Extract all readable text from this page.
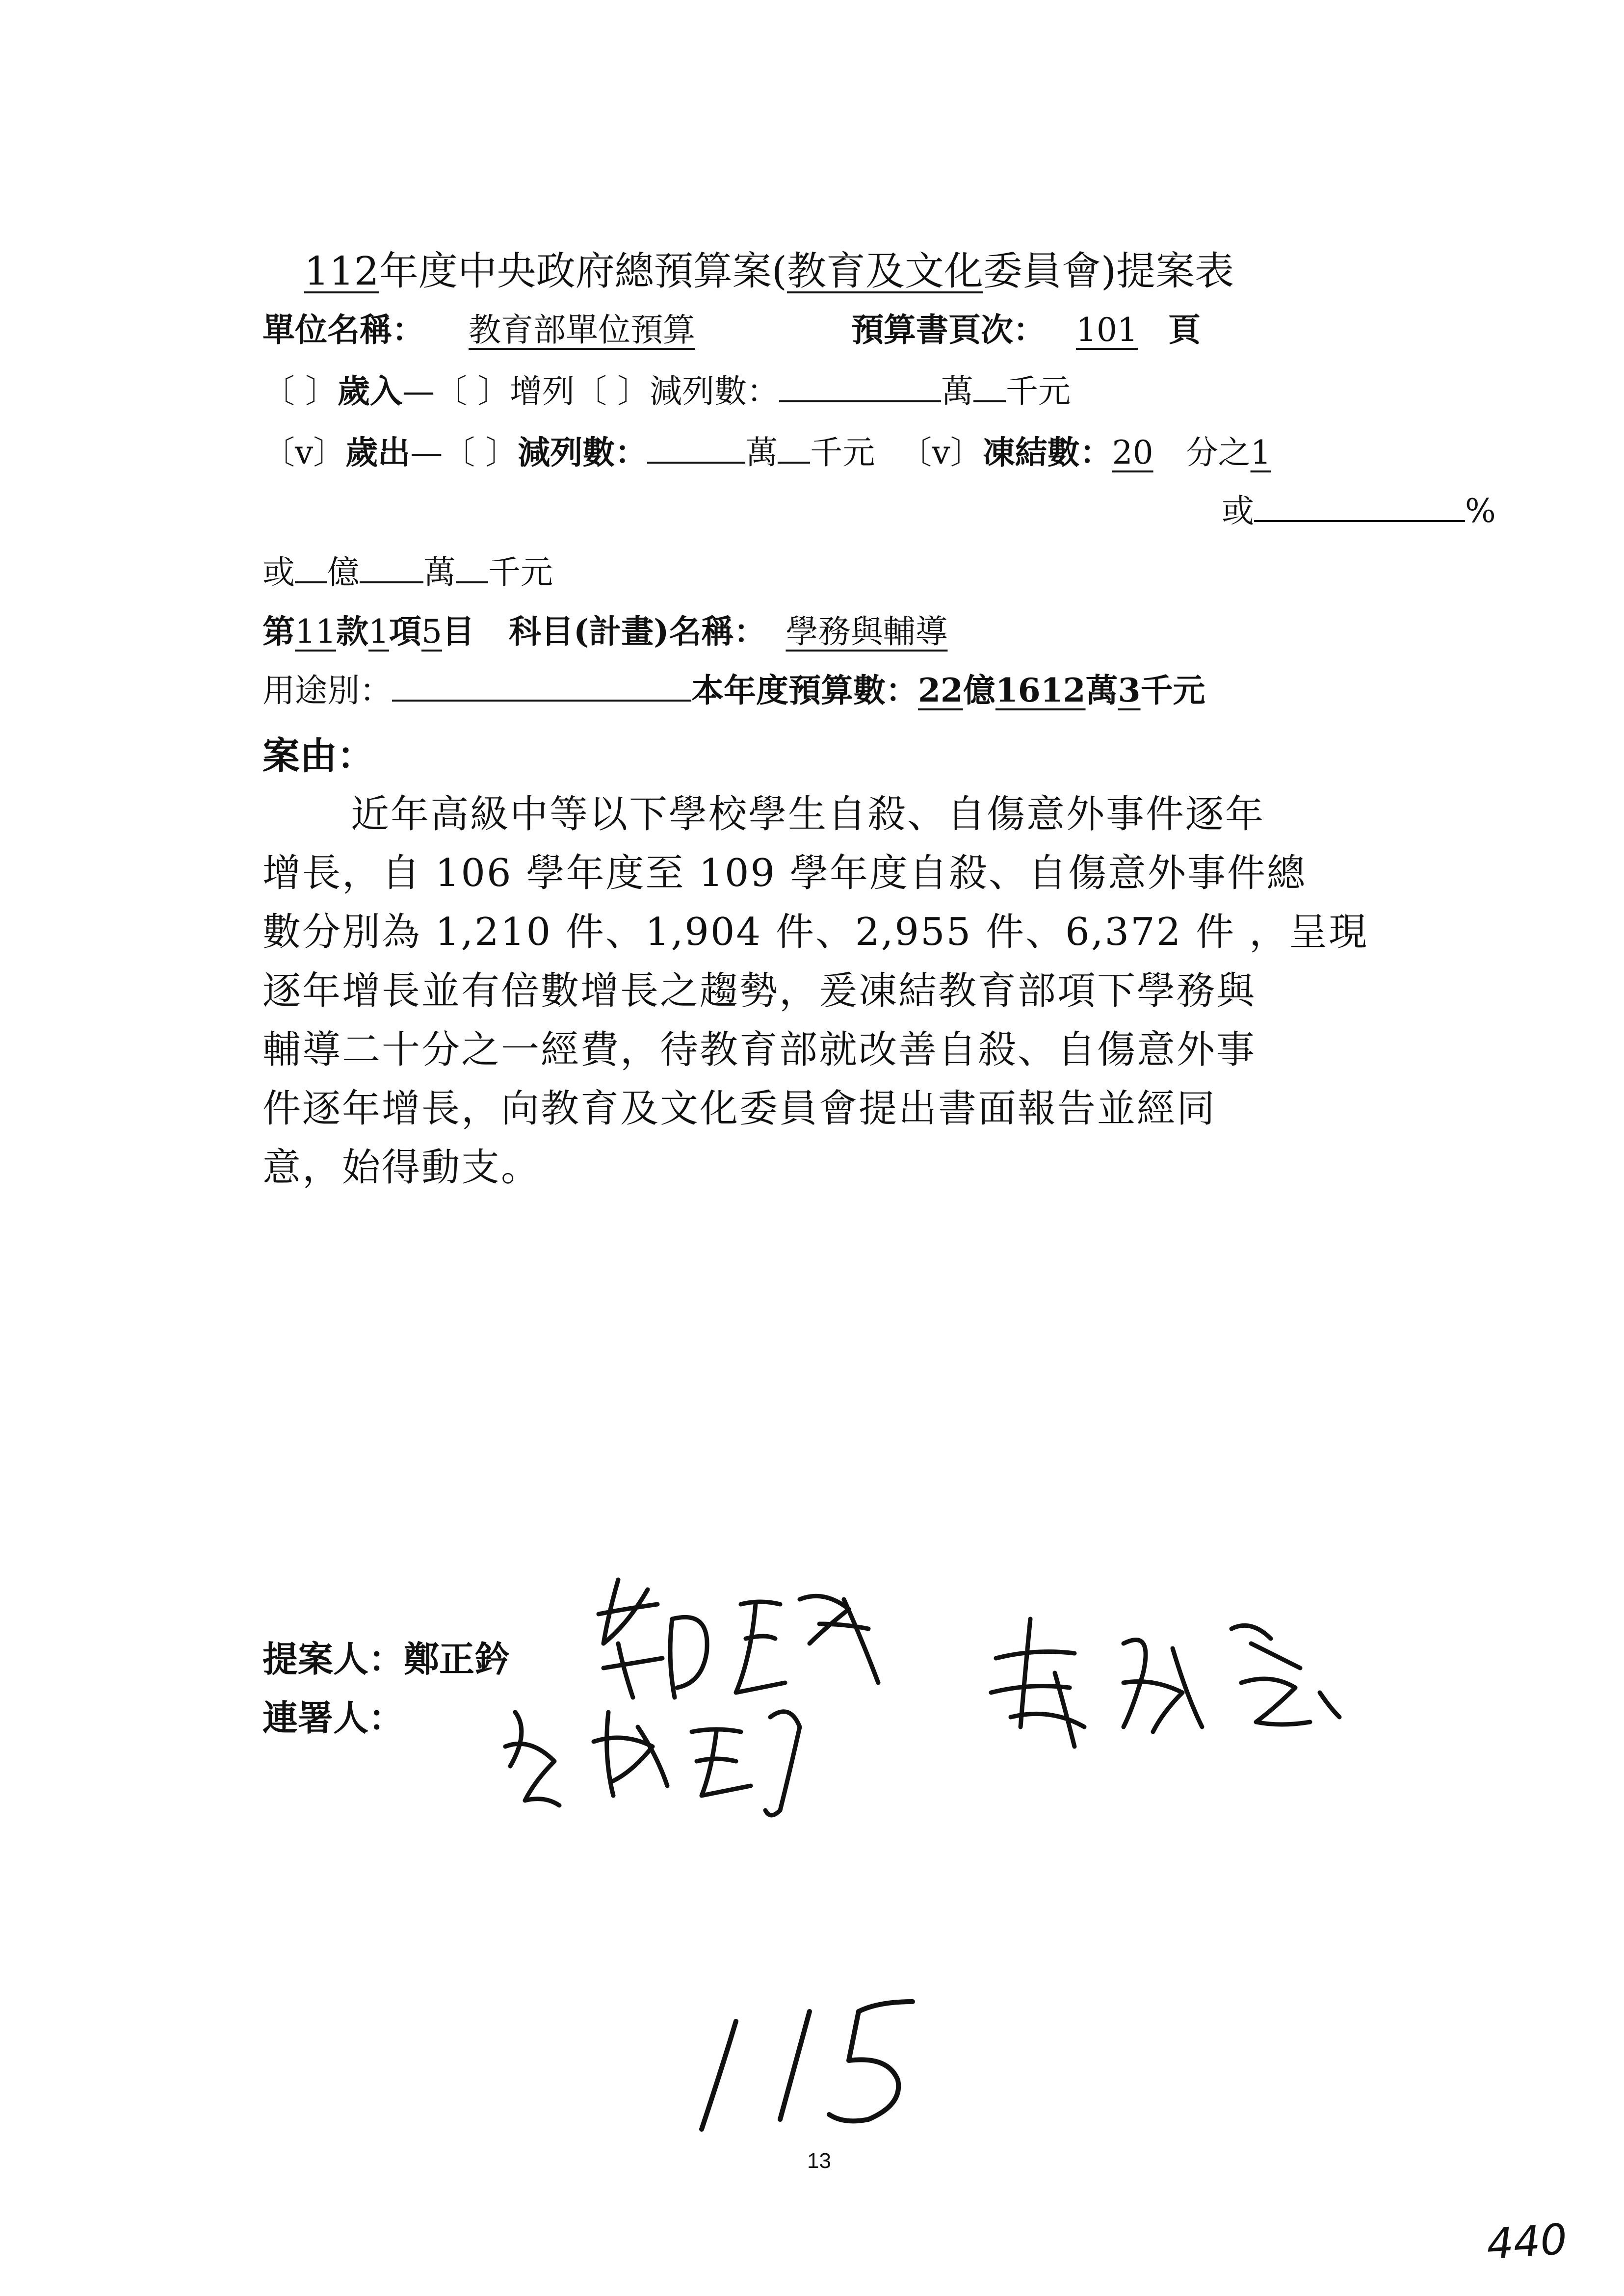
112年度中央政府總預算案(教育及文化委員會)提案表
單位名稱： 教育部單位預算	預算書頁次： 101 頁
〔 〕歲入—〔 〕增列〔 〕減列數：	萬 千元
〔v〕歲出—〔 〕減列數：	萬 千元 〔v〕凍結數：20 分之1
或	%
或 億 萬 千元
第11款1項5目 科目(計畫)名稱： 學務與輔導
用途別：	本年度預算數：22億1612萬3千元
案由：
近年高級中等以下學校學生自殺、自傷意外事件逐年
增長，自 106 學年度至 109 學年度自殺、自傷意外事件總
數分別為 1,210 件、1,904 件、2,955 件、6,372 件 ，呈現
逐年增長並有倍數增長之趨勢，爰凍結教育部項下學務與
輔導二十分之一經費，待教育部就改善自殺、自傷意外事
件逐年增長，向教育及文化委員會提出書面報告並經同
意，始得動支。
提案人：鄭正鈐
連署人：
13
440
